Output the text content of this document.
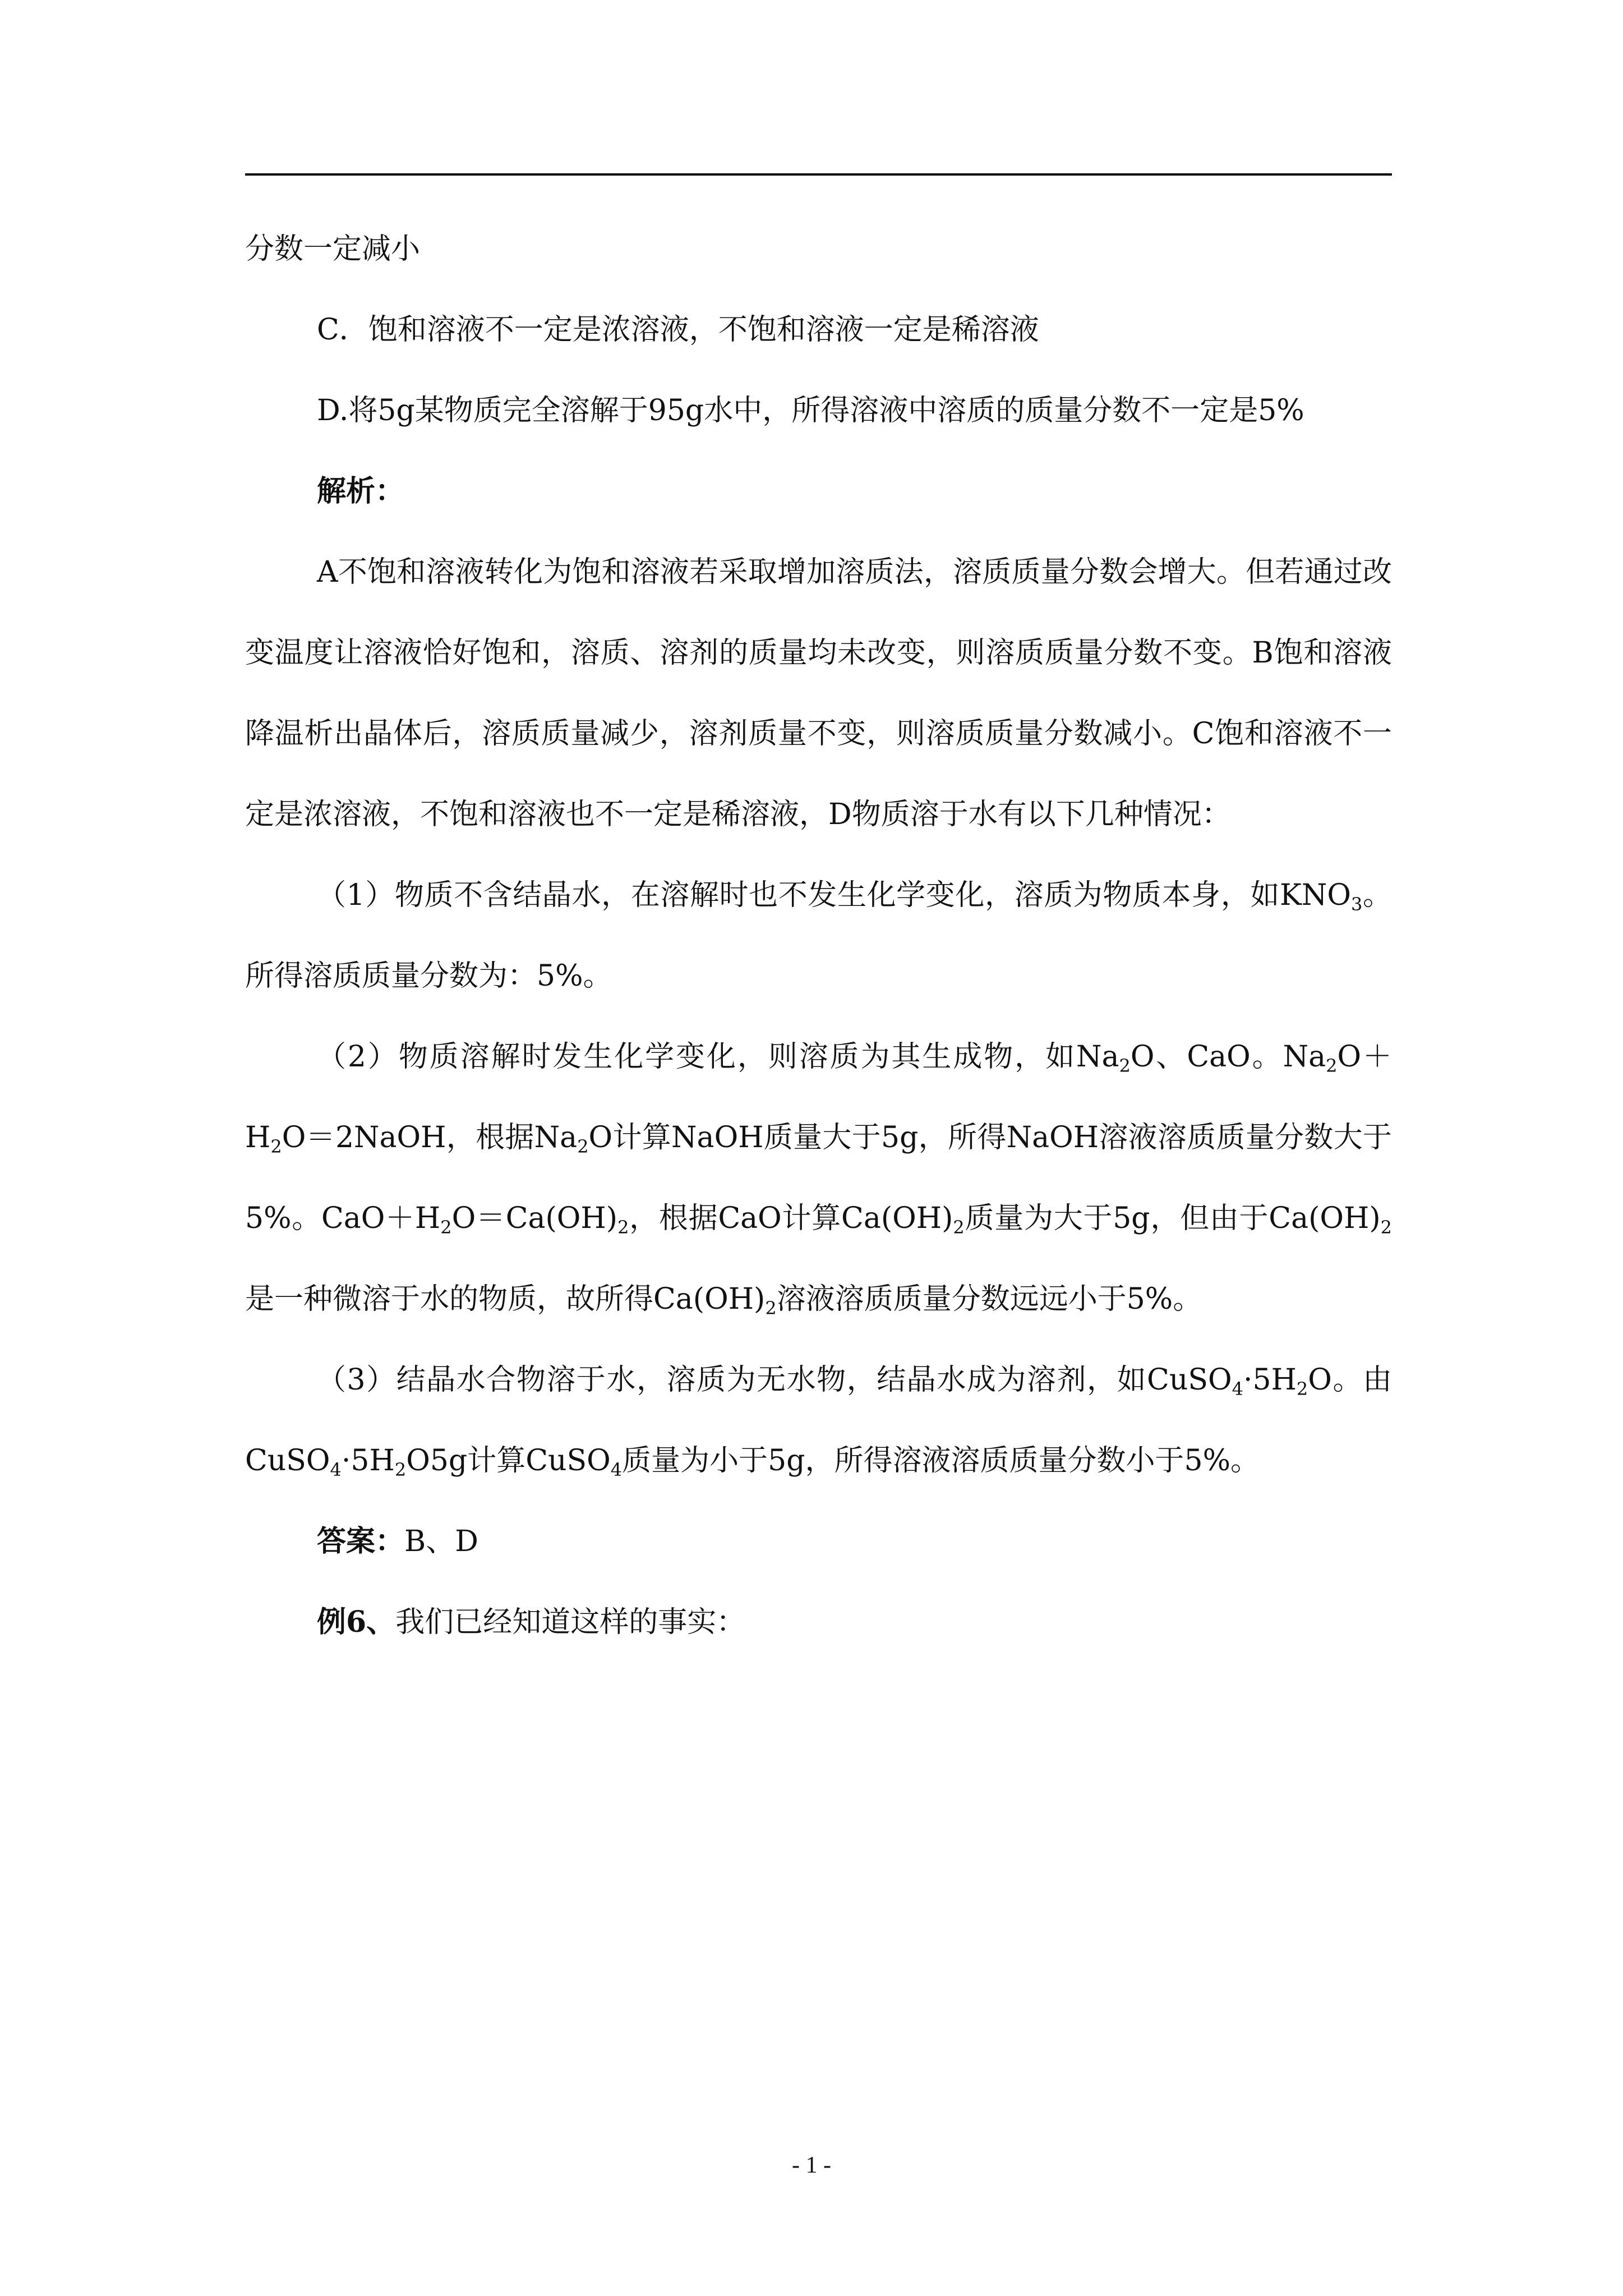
分数一定减小

C．饱和溶液不一定是浓溶液，不饱和溶液一定是稀溶液

D.将5g某物质完全溶解于95g水中，所得溶液中溶质的质量分数不一定是5%

解析：

A不饱和溶液转化为饱和溶液若采取增加溶质法，溶质质量分数会增大。但若通过改变温度让溶液恰好饱和，溶质、溶剂的质量均未改变，则溶质质量分数不变。B饱和溶液降温析出晶体后，溶质质量减少，溶剂质量不变，则溶质质量分数减小。C饱和溶液不一定是浓溶液，不饱和溶液也不一定是稀溶液，D物质溶于水有以下几种情况：

（1）物质不含结晶水，在溶解时也不发生化学变化，溶质为物质本身，如$KNO_3$。所得溶质质量分数为：5%。

（2）物质溶解时发生化学变化，则溶质为其生成物，如$Na_2O$、CaO。$Na_2O+H_2O=2NaOH$，根据$Na_2O$计算NaOH质量大于5g，所得NaOH溶液溶质质量分数大于5%。$CaO+H_2O=Ca(OH)_2$，根据CaO计算$Ca(OH)_2$质量为大于5g，但由于$Ca(OH)_2$是一种微溶于水的物质，故所得$Ca(OH)_2$溶液溶质质量分数远远小于5%。

（3）结晶水合物溶于水，溶质为无水物，结晶水成为溶剂，如$CuSO_4\cdot 5H_2O$。由$CuSO_4\cdot 5H_2O5g$计算CuSO$_4$质量为小于5g，所得溶液溶质质量分数小于5%。

答案：B、D

例6、我们已经知道这样的事实：

- 1 -
